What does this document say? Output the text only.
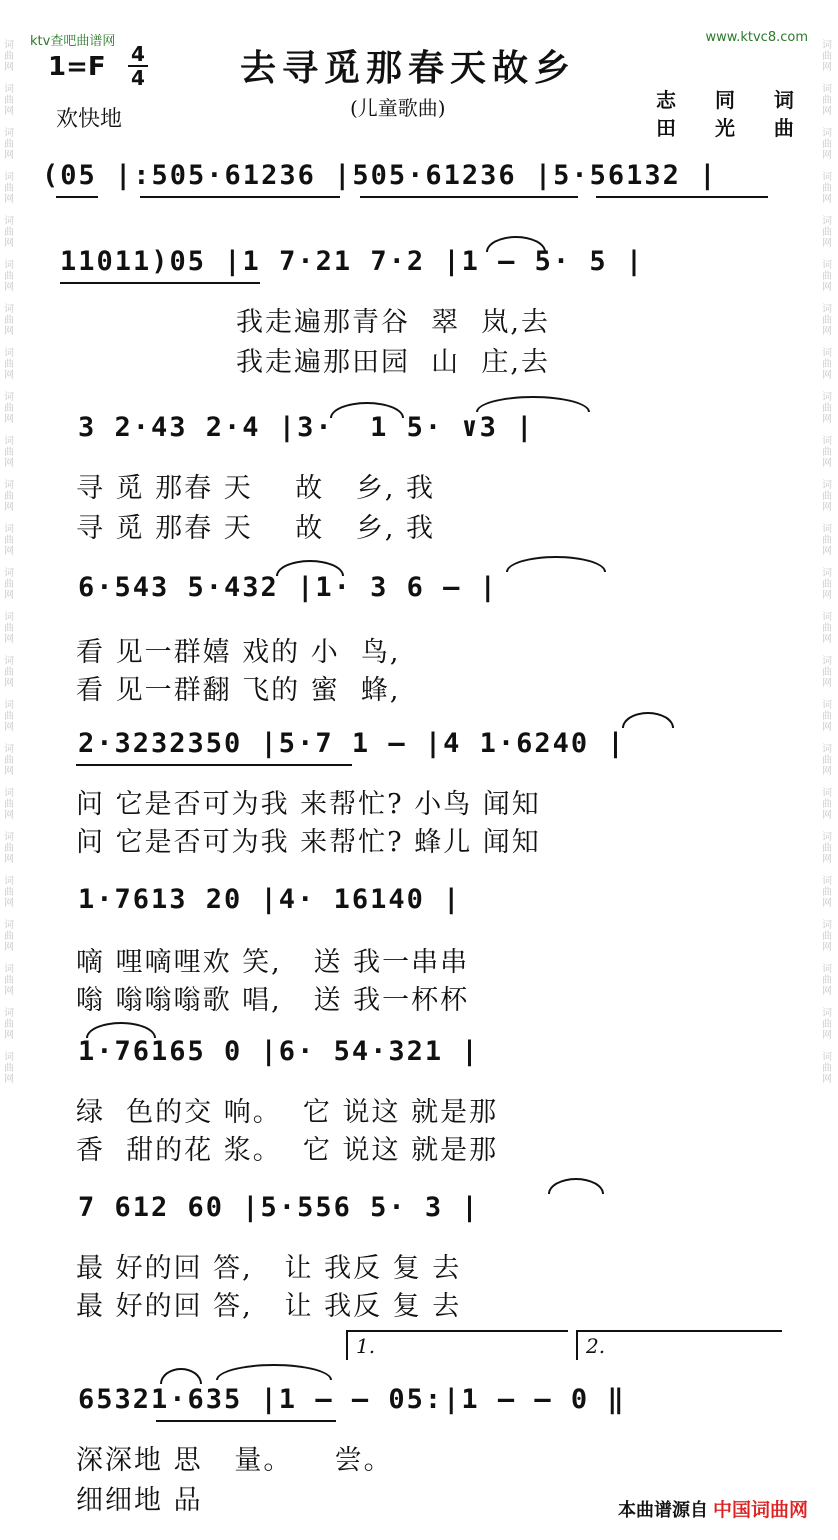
词曲网

词曲网

词曲网

词曲网

词曲网

词曲网

词曲网

词曲网

词曲网

词曲网

词曲网

词曲网

词曲网

词曲网

词曲网

词曲网

词曲网

词曲网

词曲网

词曲网

词曲网

词曲网

词曲网

词曲网
词曲网

词曲网

词曲网

词曲网

词曲网

词曲网

词曲网

词曲网

词曲网

词曲网

词曲网

词曲网

词曲网

词曲网

词曲网

词曲网

词曲网

词曲网

词曲网

词曲网

词曲网

词曲网

词曲网

词曲网
ktv查吧曲谱网	www.ktvc8.com
1=F 4
4
欢快地
去寻觅那春天故乡
(儿童歌曲)	志 同 词
田 光 曲
(05 |:505·61236 |505·61236 |5·56132 |
11011)05 |1 7·21 7·2 |1 — 5· 5 |
我走遍那青谷  翠  岚,去
我走遍那田园  山  庄,去
3 2·43 2·4 |3·  1 5· ∨3 |
寻 觅 那春 天    故   乡, 我
寻 觅 那春 天    故   乡, 我
6·543 5·432 |1· 3 6 — |
看 见一群嬉 戏的 小  鸟,
看 见一群翻 飞的 蜜  蜂,
2·3232350 |5·7 1 — |4 1·6240 |
问 它是否可为我 来帮忙? 小鸟 闻知
问 它是否可为我 来帮忙? 蜂儿 闻知
1·7613 20 |4· 16140 |
嘀 哩嘀哩欢 笑,   送 我一串串
嗡 嗡嗡嗡歌 唱,   送 我一杯杯
1·76165 0 |6· 54·321 |
绿  色的交 响。  它 说这 就是那
香  甜的花 浆。  它 说这 就是那
7 612 60 |5·556 5· 3 |
最 好的回 答,   让 我反 复 去
最 好的回 答,   让 我反 复 去
1.	2.
65321·635 |1 — — 05:|1 — — 0 ‖
深深地 思   量。    尝。
细细地 品	本曲谱源自 中国词曲网
